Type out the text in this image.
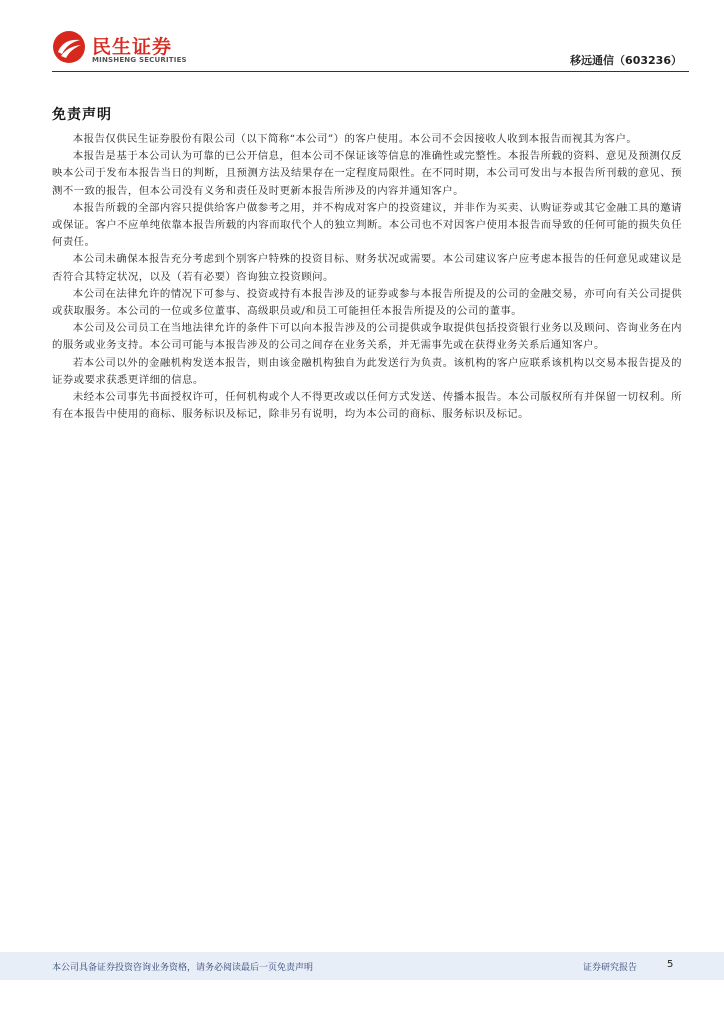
民生证券
MINSHENG SECURITIES	移远通信（603236）
免责声明

本报告仅供民生证券股份有限公司（以下简称“本公司”）的客户使用。本公司不会因接收人收到本报告而视其为客户。

本报告是基于本公司认为可靠的已公开信息，但本公司不保证该等信息的准确性或完整性。本报告所载的资料、意见及预测仅反映本公司于发布本报告当日的判断，且预测方法及结果存在一定程度局限性。在不同时期，本公司可发出与本报告所刊载的意见、预测不一致的报告，但本公司没有义务和责任及时更新本报告所涉及的内容并通知客户。

本报告所载的全部内容只提供给客户做参考之用，并不构成对客户的投资建议，并非作为买卖、认购证券或其它金融工具的邀请或保证。客户不应单纯依靠本报告所载的内容而取代个人的独立判断。本公司也不对因客户使用本报告而导致的任何可能的损失负任何责任。

本公司未确保本报告充分考虑到个别客户特殊的投资目标、财务状况或需要。本公司建议客户应考虑本报告的任何意见或建议是否符合其特定状况，以及（若有必要）咨询独立投资顾问。

本公司在法律允许的情况下可参与、投资或持有本报告涉及的证券或参与本报告所提及的公司的金融交易，亦可向有关公司提供或获取服务。本公司的一位或多位董事、高级职员或/和员工可能担任本报告所提及的公司的董事。

本公司及公司员工在当地法律允许的条件下可以向本报告涉及的公司提供或争取提供包括投资银行业务以及顾问、咨询业务在内的服务或业务支持。本公司可能与本报告涉及的公司之间存在业务关系，并无需事先或在获得业务关系后通知客户。

若本公司以外的金融机构发送本报告，则由该金融机构独自为此发送行为负责。该机构的客户应联系该机构以交易本报告提及的证券或要求获悉更详细的信息。

未经本公司事先书面授权许可，任何机构或个人不得更改或以任何方式发送、传播本报告。本公司版权所有并保留一切权利。所有在本报告中使用的商标、服务标识及标记，除非另有说明，均为本公司的商标、服务标识及标记。

本公司具备证券投资咨询业务资格，请务必阅读最后一页免责声明	证券研究报告	5
